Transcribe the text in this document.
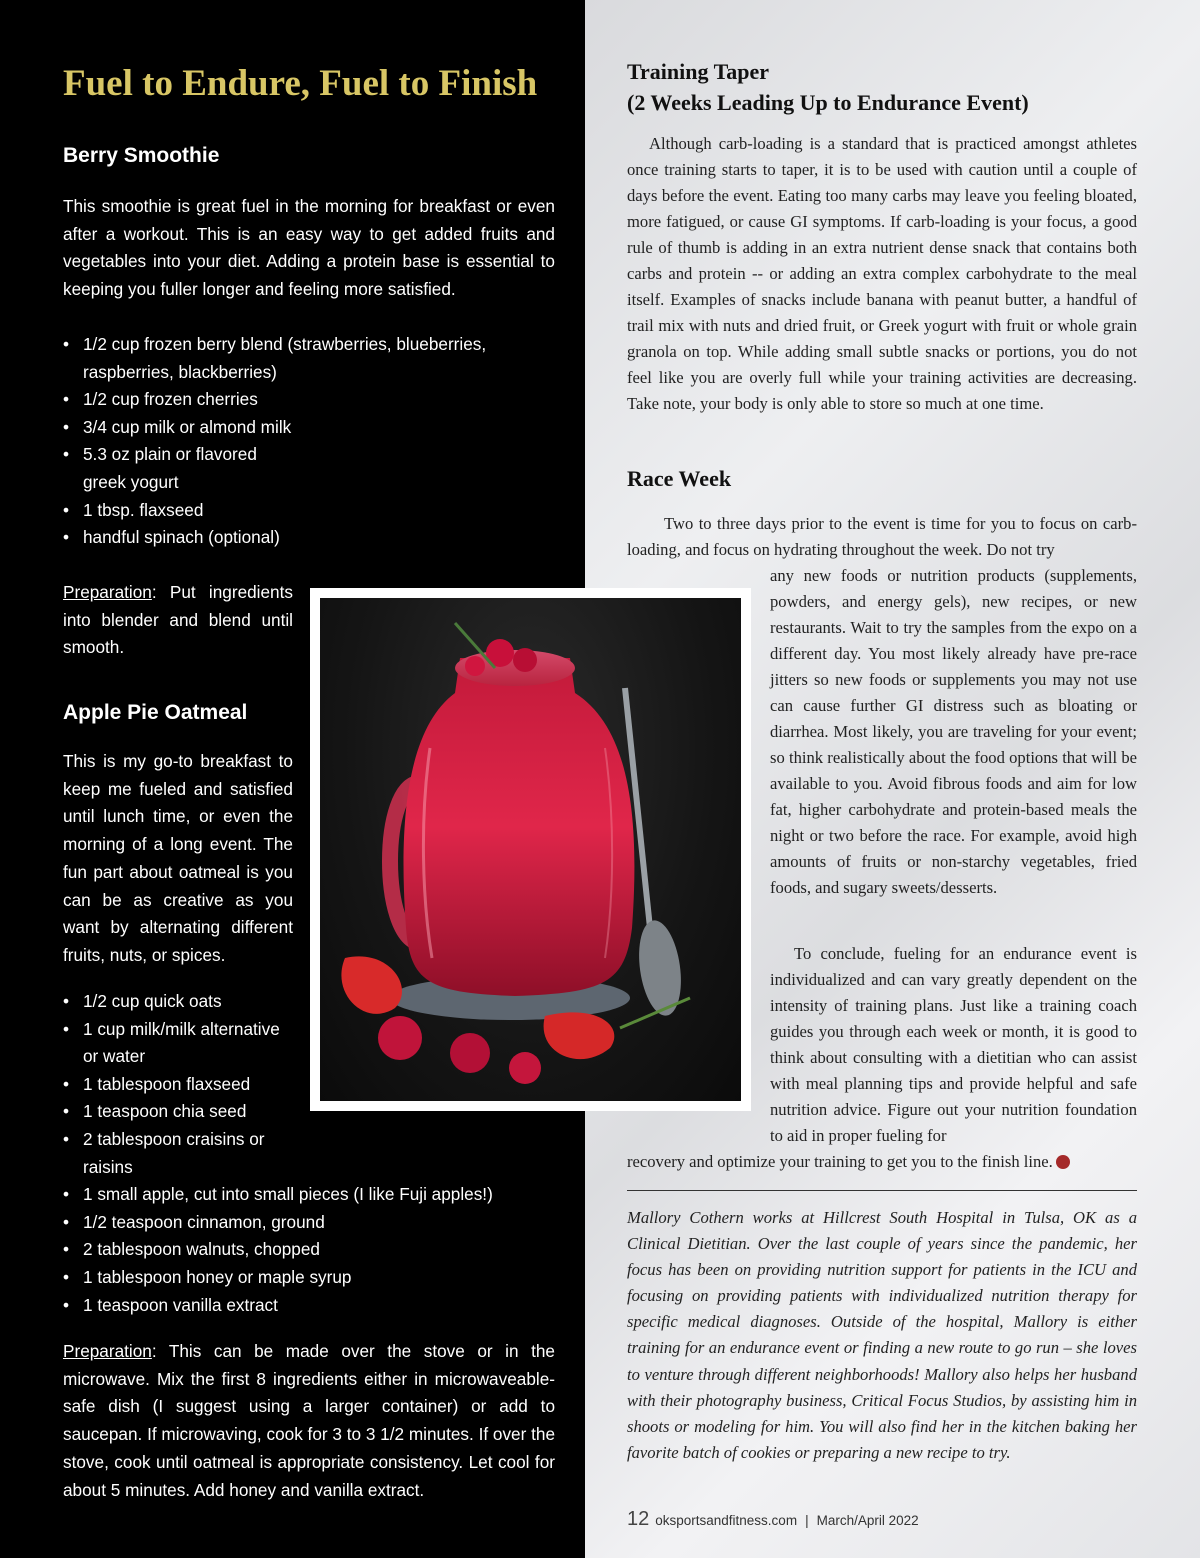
Fuel to Endure, Fuel to Finish
Berry Smoothie

This smoothie is great fuel in the morning for breakfast or even after a workout. This is an easy way to get added fruits and vegetables into your diet. Adding a protein base is essential to keeping you fuller longer and feeling more satisfied.

• 1/2 cup frozen berry blend (strawberries, blueberries, raspberries, blackberries)
• 1/2 cup frozen cherries
• 3/4 cup milk or almond milk
• 5.3 oz plain or flavored greek yogurt
• 1 tbsp. flaxseed
• handful spinach (optional)

Preparation: Put ingredients into blender and blend until smooth.

Apple Pie Oatmeal

This is my go-to breakfast to keep me fueled and satisfied until lunch time, or even the morning of a long event. The fun part about oatmeal is you can be as creative as you want by alternating different fruits, nuts, or spices.

• 1/2 cup quick oats
• 1 cup milk/milk alternative or water
• 1 tablespoon flaxseed
• 1 teaspoon chia seed
• 2 tablespoon craisins or raisins
• 1 small apple, cut into small pieces (I like Fuji apples!)
• 1/2 teaspoon cinnamon, ground
• 2 tablespoon walnuts, chopped
• 1 tablespoon honey or maple syrup
• 1 teaspoon vanilla extract

Preparation: This can be made over the stove or in the microwave. Mix the first 8 ingredients either in microwaveable-safe dish (I suggest using a larger container) or add to saucepan. If microwaving, cook for 3 to 3 1/2 minutes. If over the stove, cook until oatmeal is appropriate consistency. Let cool for about 5 minutes. Add honey and vanilla extract.

Training Taper
(2 Weeks Leading Up to Endurance Event)

Although carb-loading is a standard that is practiced amongst athletes once training starts to taper, it is to be used with caution until a couple of days before the event. Eating too many carbs may leave you feeling bloated, more fatigued, or cause GI symptoms. If carb-loading is your focus, a good rule of thumb is adding in an extra nutrient dense snack that contains both carbs and protein -- or adding an extra complex carbohydrate to the meal itself. Examples of snacks include banana with peanut butter, a handful of trail mix with nuts and dried fruit, or Greek yogurt with fruit or whole grain granola on top. While adding small subtle snacks or portions, you do not feel like you are overly full while your training activities are decreasing. Take note, your body is only able to store so much at one time.

Race Week

Two to three days prior to the event is time for you to focus on carb-loading, and focus on hydrating throughout the week. Do not try

any new foods or nutrition products (supplements, powders, and energy gels), new recipes, or new restaurants. Wait to try the samples from the expo on a different day. You most likely already have pre-race jitters so new foods or supplements you may not use can cause further GI distress such as bloating or diarrhea. Most likely, you are traveling for your event; so think realistically about the food options that will be available to you. Avoid fibrous foods and aim for low fat, higher carbohydrate and protein-based meals the night or two before the race. For example, avoid high amounts of fruits or non-starchy vegetables, fried foods, and sugary sweets/desserts.

To conclude, fueling for an endurance event is individualized and can vary greatly dependent on the intensity of training plans. Just like a training coach guides you through each week or month, it is good to think about consulting with a dietitian who can assist with meal planning tips and provide helpful and safe nutrition advice. Figure out your nutrition foundation to aid in proper fueling for

recovery and optimize your training to get you to the finish line.

Mallory Cothern works at Hillcrest South Hospital in Tulsa, OK as a Clinical Dietitian. Over the last couple of years since the pandemic, her focus has been on providing nutrition support for patients in the ICU and focusing on providing patients with individualized nutrition therapy for specific medical diagnoses. Outside of the hospital, Mallory is either training for an endurance event or finding a new route to go run – she loves to venture through different neighborhoods! Mallory also helps her husband with their photography business, Critical Focus Studios, by assisting him in shoots or modeling for him. You will also find her in the kitchen baking her favorite batch of cookies or preparing a new recipe to try.

12 oksportsandfitness.com | March/April 2022
